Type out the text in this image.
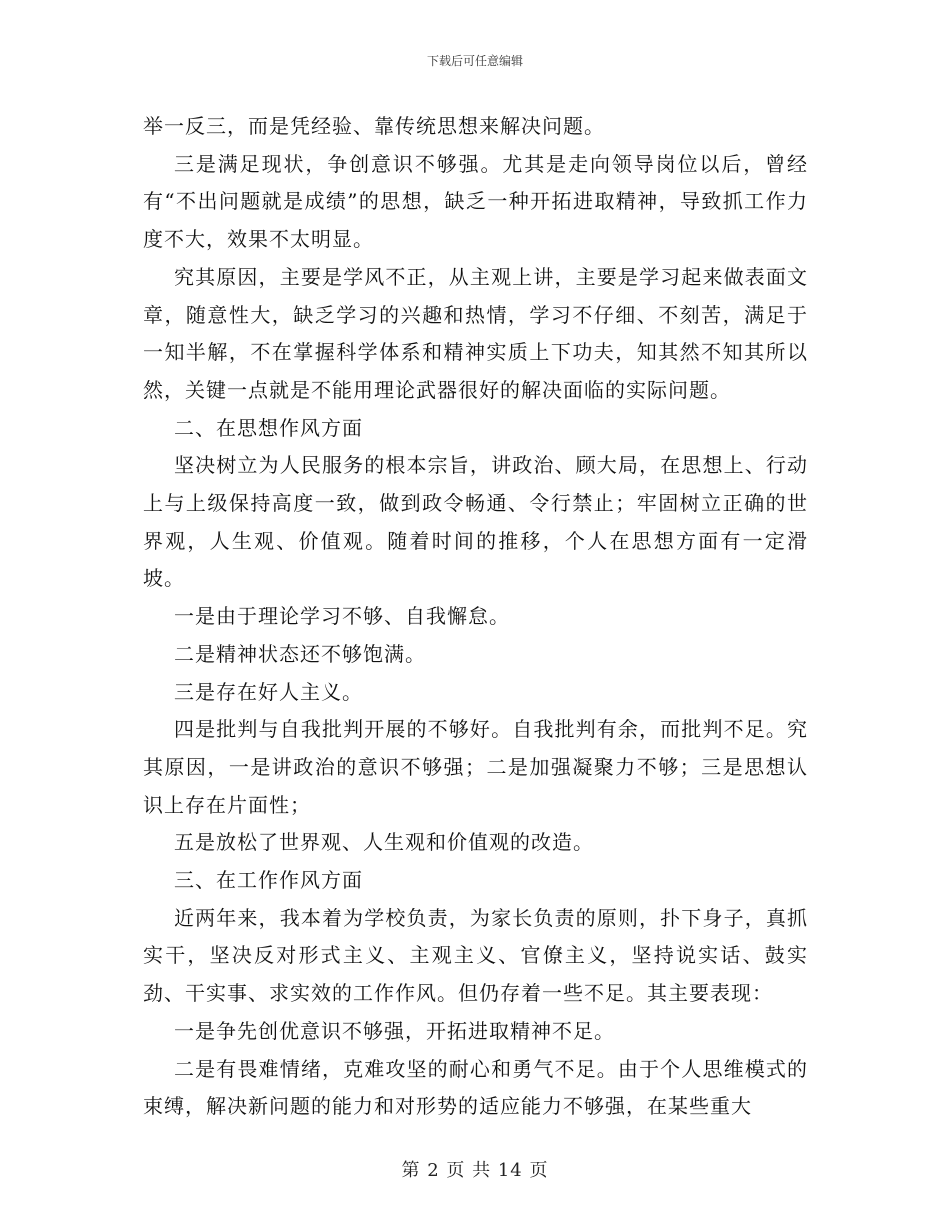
下载后可任意编辑

举一反三，而是凭经验、靠传统思想来解决问题。

三是满足现状，争创意识不够强。尤其是走向领导岗位以后，曾经有“不出问题就是成绩”的思想，缺乏一种开拓进取精神，导致抓工作力度不大，效果不太明显。

究其原因，主要是学风不正，从主观上讲，主要是学习起来做表面文章，随意性大，缺乏学习的兴趣和热情，学习不仔细、不刻苦，满足于一知半解，不在掌握科学体系和精神实质上下功夫，知其然不知其所以然，关键一点就是不能用理论武器很好的解决面临的实际问题。

二、在思想作风方面

坚决树立为人民服务的根本宗旨，讲政治、顾大局，在思想上、行动上与上级保持高度一致，做到政令畅通、令行禁止；牢固树立正确的世界观，人生观、价值观。随着时间的推移，个人在思想方面有一定滑坡。

一是由于理论学习不够、自我懈怠。

二是精神状态还不够饱满。

三是存在好人主义。

四是批判与自我批判开展的不够好。自我批判有余，而批判不足。究其原因，一是讲政治的意识不够强；二是加强凝聚力不够；三是思想认识上存在片面性；

五是放松了世界观、人生观和价值观的改造。

三、在工作作风方面

近两年来，我本着为学校负责，为家长负责的原则，扑下身子，真抓实干，坚决反对形式主义、主观主义、官僚主义，坚持说实话、鼓实劲、干实事、求实效的工作作风。但仍存着一些不足。其主要表现：

一是争先创优意识不够强，开拓进取精神不足。

二是有畏难情绪，克难攻坚的耐心和勇气不足。由于个人思维模式的束缚，解决新问题的能力和对形势的适应能力不够强，在某些重大

第 2 页 共 14 页
